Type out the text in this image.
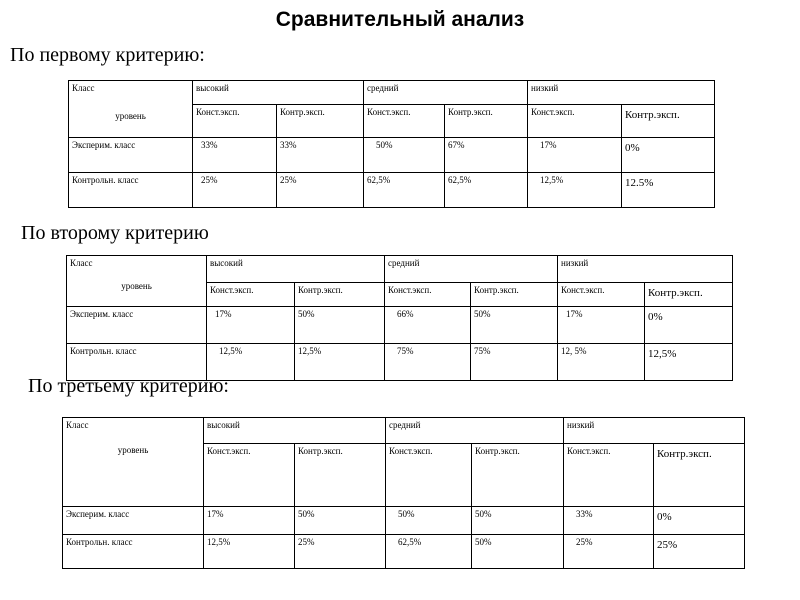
Сравнительный анализ
По первому критерию:
Класс
уровень	высокий		средний		низкий	
	Конст.эксп.	Контр.эксп.	Конст.эксп.	Контр.эксп.	Конст.эксп.	Контр.эксп.
Эксперим. класс	33%	33%	50%	67%	17%	0%
Контрольн. класс	25%	25%	62,5%	62,5%	12,5%	12.5%
По второму критерию
Класс
уровень	высокий		средний		низкий	
	Конст.эксп.	Контр.эксп.	Конст.эксп.	Контр.эксп.	Конст.эксп.	Контр.эксп.
Эксперим. класс	17%	50%	66%	50%	17%	0%
Контрольн. класс	12,5%	12,5%	75%	75%	12, 5%	12,5%
По третьему критерию:
Класс
уровень	высокий		средний		низкий	
	Конст.эксп.	Контр.эксп.	Конст.эксп.	Контр.эксп.	Конст.эксп.	Контр.эксп.
Эксперим. класс	17%	50%	50%	50%	33%	0%
Контрольн. класс	12,5%	25%	62,5%	50%	25%	25%
